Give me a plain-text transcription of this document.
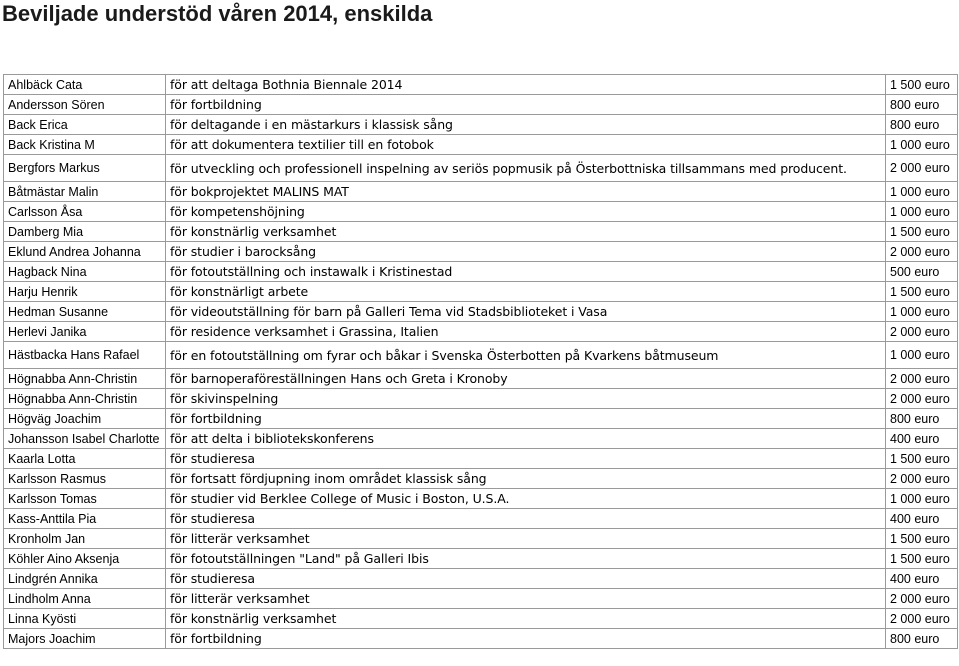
Beviljade understöd våren 2014, enskilda
Ahlbäck Cata	för att deltaga Bothnia Biennale 2014	1 500 euro
Andersson Sören	för fortbildning	800 euro
Back Erica	för deltagande i en mästarkurs i klassisk sång	800 euro
Back Kristina M	för att dokumentera textilier till en fotobok	1 000 euro
Bergfors Markus	för utveckling och professionell inspelning av seriös popmusik på Österbottniska tillsammans med producent.	2 000 euro
Båtmästar Malin	för bokprojektet MALINS MAT	1 000 euro
Carlsson Åsa	för kompetenshöjning	1 000 euro
Damberg Mia	för konstnärlig verksamhet	1 500 euro
Eklund Andrea Johanna	för studier i barocksång	2 000 euro
Hagback Nina	för fotoutställning och instawalk i Kristinestad	500 euro
Harju Henrik	för konstnärligt arbete	1 500 euro
Hedman Susanne	för videoutställning för barn på Galleri Tema vid Stadsbiblioteket i Vasa	1 000 euro
Herlevi Janika	för residence verksamhet i Grassina, Italien	2 000 euro
Hästbacka Hans Rafael	för en fotoutställning om fyrar och båkar i Svenska Österbotten på Kvarkens båtmuseum	1 000 euro
Högnabba Ann-Christin	för barnoperaföreställningen Hans och Greta i Kronoby	2 000 euro
Högnabba Ann-Christin	för skivinspelning	2 000 euro
Högväg Joachim	för fortbildning	800 euro
Johansson Isabel Charlotte	för att delta i bibliotekskonferens	400 euro
Kaarla Lotta	för studieresa	1 500 euro
Karlsson Rasmus	för fortsatt fördjupning inom området klassisk sång	2 000 euro
Karlsson Tomas	för studier vid Berklee College of Music i Boston, U.S.A.	1 000 euro
Kass-Anttila Pia	för studieresa	400 euro
Kronholm Jan	för litterär verksamhet	1 500 euro
Köhler Aino Aksenja	för fotoutställningen "Land" på Galleri Ibis	1 500 euro
Lindgrén Annika	för studieresa	400 euro
Lindholm Anna	för litterär verksamhet	2 000 euro
Linna Kyösti	för konstnärlig verksamhet	2 000 euro
Majors Joachim	för fortbildning	800 euro
